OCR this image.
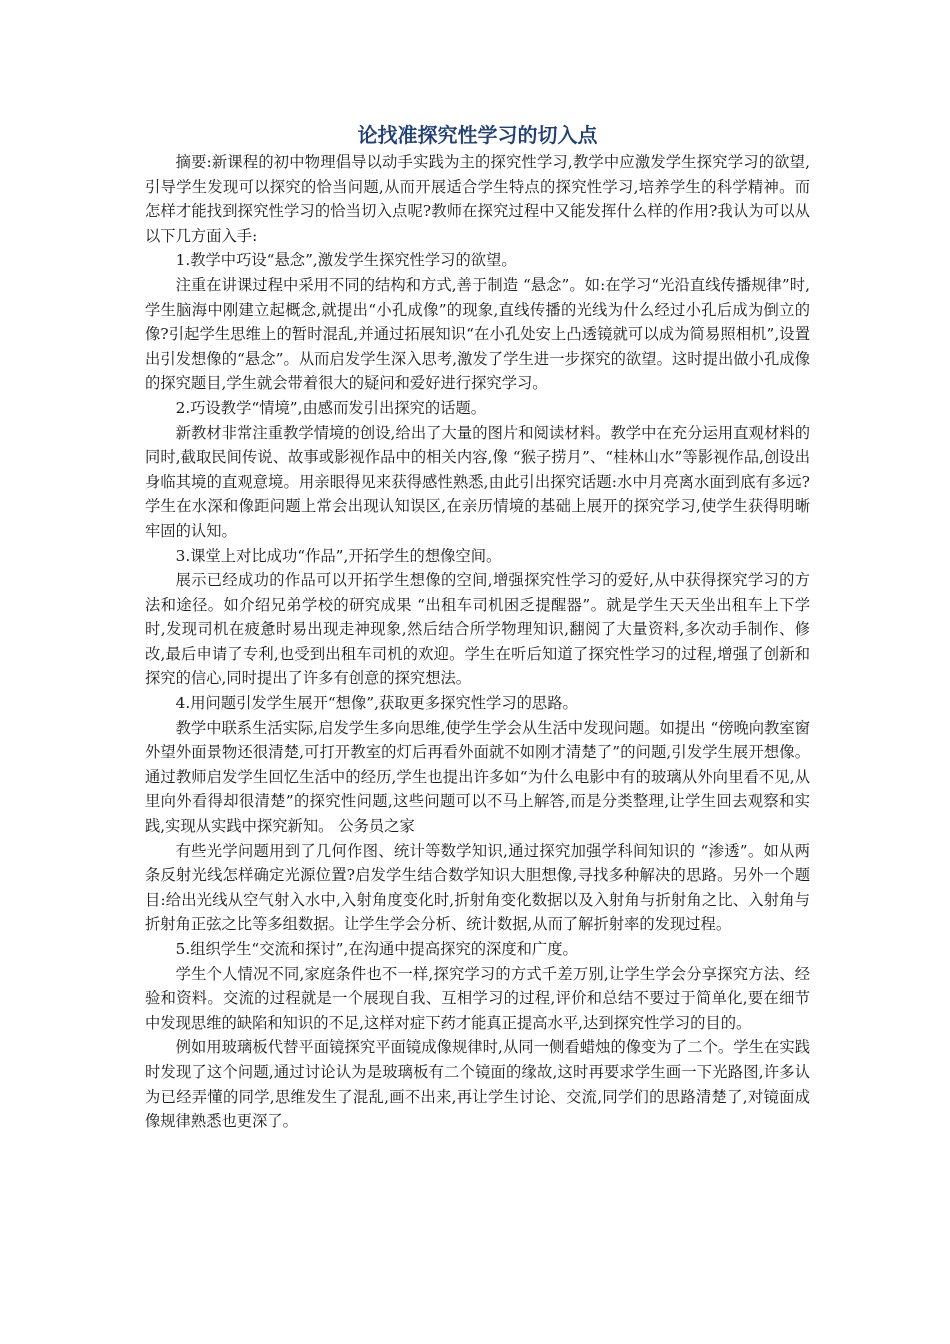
论找准探究性学习的切入点

摘要:新课程的初中物理倡导以动手实践为主的探究性学习,教学中应激发学生探究学习的欲望,引导学生发现可以探究的恰当问题,从而开展适合学生特点的探究性学习,培养学生的科学精神。而怎样才能找到探究性学习的恰当切入点呢?教师在探究过程中又能发挥什么样的作用?我认为可以从以下几方面入手:

1.教学中巧设“悬念”,激发学生探究性学习的欲望。

注重在讲课过程中采用不同的结构和方式,善于制造 “悬念”。如:在学习“光沿直线传播规律”时,学生脑海中刚建立起概念,就提出“小孔成像”的现象,直线传播的光线为什么经过小孔后成为倒立的像?引起学生思维上的暂时混乱,并通过拓展知识“在小孔处安上凸透镜就可以成为简易照相机”,设置出引发想像的“悬念”。从而启发学生深入思考,激发了学生进一步探究的欲望。这时提出做小孔成像的探究题目,学生就会带着很大的疑问和爱好进行探究学习。

2.巧设教学“情境”,由感而发引出探究的话题。

新教材非常注重教学情境的创设,给出了大量的图片和阅读材料。教学中在充分运用直观材料的同时,截取民间传说、故事或影视作品中的相关内容,像 “猴子捞月”、“桂林山水”等影视作品,创设出身临其境的直观意境。用亲眼得见来获得感性熟悉,由此引出探究话题:水中月亮离水面到底有多远?学生在水深和像距问题上常会出现认知误区,在亲历情境的基础上展开的探究学习,使学生获得明晰牢固的认知。

3.课堂上对比成功“作品”,开拓学生的想像空间。

展示已经成功的作品可以开拓学生想像的空间,增强探究性学习的爱好,从中获得探究学习的方法和途径。如介绍兄弟学校的研究成果 “出租车司机困乏提醒器”。就是学生天天坐出租车上下学时,发现司机在疲惫时易出现走神现象,然后结合所学物理知识,翻阅了大量资料,多次动手制作、修改,最后申请了专利,也受到出租车司机的欢迎。学生在听后知道了探究性学习的过程,增强了创新和探究的信心,同时提出了许多有创意的探究想法。

4.用问题引发学生展开“想像”,获取更多探究性学习的思路。

教学中联系生活实际,启发学生多向思维,使学生学会从生活中发现问题。如提出 “傍晚向教室窗外望外面景物还很清楚,可打开教室的灯后再看外面就不如刚才清楚了”的问题,引发学生展开想像。通过教师启发学生回忆生活中的经历,学生也提出许多如“为什么电影中有的玻璃从外向里看不见,从里向外看得却很清楚”的探究性问题,这些问题可以不马上解答,而是分类整理,让学生回去观察和实践,实现从实践中探究新知。 公务员之家

有些光学问题用到了几何作图、统计等数学知识,通过探究加强学科间知识的 “渗透”。如从两条反射光线怎样确定光源位置?启发学生结合数学知识大胆想像,寻找多种解决的思路。另外一个题目:给出光线从空气射入水中,入射角度变化时,折射角变化数据以及入射角与折射角之比、入射角与折射角正弦之比等多组数据。让学生学会分析、统计数据,从而了解折射率的发现过程。

5.组织学生“交流和探讨”,在沟通中提高探究的深度和广度。

学生个人情况不同,家庭条件也不一样,探究学习的方式千差万别,让学生学会分享探究方法、经验和资料。交流的过程就是一个展现自我、互相学习的过程,评价和总结不要过于简单化,要在细节中发现思维的缺陷和知识的不足,这样对症下药才能真正提高水平,达到探究性学习的目的。

例如用玻璃板代替平面镜探究平面镜成像规律时,从同一侧看蜡烛的像变为了二个。学生在实践时发现了这个问题,通过讨论认为是玻璃板有二个镜面的缘故,这时再要求学生画一下光路图,许多认为已经弄懂的同学,思维发生了混乱,画不出来,再让学生讨论、交流,同学们的思路清楚了,对镜面成像规律熟悉也更深了。
